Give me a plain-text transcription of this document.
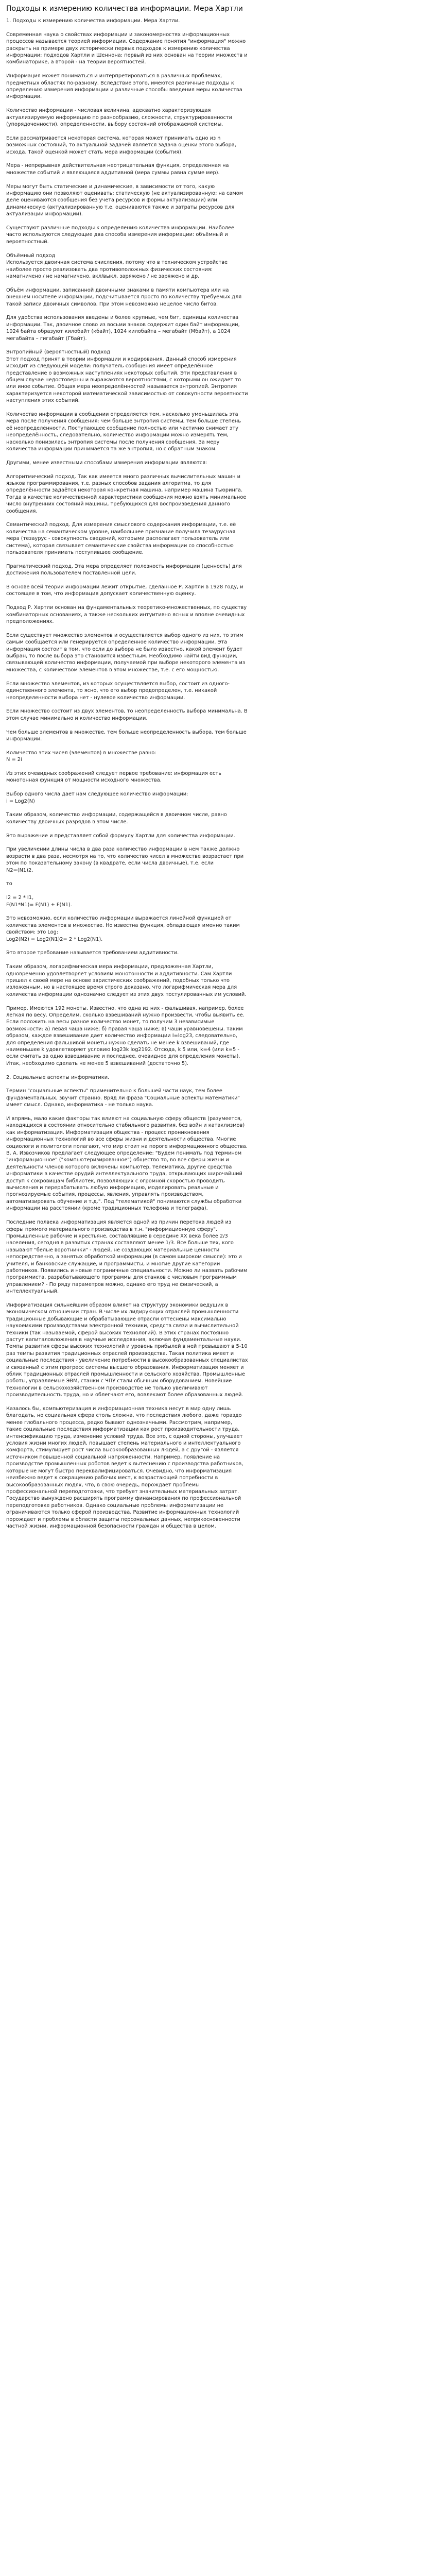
Подходы к измерению количества информации. Мера Хартли

1. Подходы к измерению количества информации. Мера Хартли.

Современная наука о свойствах информации и закономерностях информационных процессов называется теорией информации. Содержание понятия "информация" можно раскрыть на примере двух исторически первых подходов к измерению количества информации: подходов Хартли и Шеннона: первый из них основан на теории множеств и комбинаторике, а второй - на теории вероятностей.

Информация может пониматься и интерпретироваться в различных проблемах, предметных областях по-разному. Вследствие этого, имеются различные подходы к определению измерения информации и различные способы введения меры количества информации.

Количество информации - числовая величина, адекватно характеризующая актуализируемую информацию по разнообразию, сложности, структурированности (упорядоченности), определенности, выбору состояний отображаемой системы.

Если рассматривается некоторая система, которая может принимать одно из n возможных состояний, то актуальной задачей является задача оценки этого выбора, исхода. Такой оценкой может стать мера информации (события).

Мера - непрерывная действительная неотрицательная функция, определенная на множестве событий и являющаяся аддитивной (мера суммы равна сумме мер).

Меры могут быть статические и динамические, в зависимости от того, какую информацию они позволяют оценивать: статическую (не актуализированную; на самом деле оцениваются сообщения без учета ресурсов и формы актуализации) или динамическую (актуализированную т.е. оцениваются также и затраты ресурсов для актуализации информации).

Существуют различные подходы к определению количества информации. Наиболее часто используются следующие два способа измерения информации: объёмный и вероятностный.

Объёмный подход

Используется двоичная система счисления, потому что в техническом устройстве наиболее просто реализовать два противоположных физических состояния: намагничено / не намагничено, вкл/выкл, заряжено / не заряжено и др.

Объём информации, записанной двоичными знаками в памяти компьютера или на внешнем носителе информации, подсчитывается просто по количеству требуемых для такой записи двоичных символов. При этом невозможно нецелое число битов.

Для удобства использования введены и более крупные, чем бит, единицы количества информации. Так, двоичное слово из восьми знаков содержит один байт информации, 1024 байта образуют килобайт (кбайт), 1024 килобайта – мегабайт (Мбайт), а 1024 мегабайта – гигабайт (Гбайт).

Энтропийный (вероятностный) подход

Этот подход принят в теории информации и кодирования. Данный способ измерения исходит из следующей модели: получатель сообщения имеет определённое представление о возможных наступлениях некоторых событий. Эти представления в общем случае недостоверны и выражаются вероятностями, с которыми он ожидает то или иное событие. Общая мера неопределённостей называется энтропией. Энтропия характеризуется некоторой математической зависимостью от совокупности вероятности наступления этих событий.

Количество информации в сообщении определяется тем, насколько уменьшилась эта мера после получения сообщения: чем больше энтропия системы, тем больше степень её неопределённости. Поступающее сообщение полностью или частично снимает эту неопределённость, следовательно, количество информации можно измерять тем, насколько понизилась энтропия системы после получения сообщения. За меру количества информации принимается та же энтропия, но с обратным знаком.

Другими, менее известными способами измерения информации являются:

Алгоритмический подход. Так как имеется много различных вычислительных машин и языков программирования, т.е. разных способов задания алгоритма, то для определённости задаётся некоторая конкретная машина, например машина Тьюринга. Тогда в качестве количественной характеристики сообщения можно взять минимальное число внутренних состояний машины, требующихся для воспроизведения данного сообщения.

Семантический подход. Для измерения смыслового содержания информации, т.е. её количества на семантическом уровне, наибольшее признание получила тезаурусная мера (тезаурус - совокупность сведений, которыми располагает пользователь или система), которая связывает семантические свойства информации со способностью пользователя принимать поступившее сообщение.

Прагматический подход. Эта мера определяет полезность информации (ценность) для достижения пользователем поставленной цели.

В основе всей теории информации лежит открытие, сделанное Р. Хартли в 1928 году, и состоящее в том, что информация допускает количественную оценку.

Подход Р. Хартли основан на фундаментальных теоретико-множественных, по существу комбинаторных основаниях, а также нескольких интуитивно ясных и вполне очевидных предположениях.

Если существует множество элементов и осуществляется выбор одного из них, то этим самым сообщается или генерируется определенное количество информации. Эта информация состоит в том, что если до выбора не было известно, какой элемент будет выбран, то после выбора это становится известным. Необходимо найти вид функции, связывающей количество информации, получаемой при выборе некоторого элемента из множества, с количеством элементов в этом множестве, т.е. с его мощностью.

Если множество элементов, из которых осуществляется выбор, состоит из одного-единственного элемента, то ясно, что его выбор предопределен, т.е. никакой неопределенности выбора нет - нулевое количество информации.

Если множество состоит из двух элементов, то неопределенность выбора минимальна. В этом случае минимально и количество информации.

Чем больше элементов в множестве, тем больше неопределенность выбора, тем больше информации.

Количество этих чисел (элементов) в множестве равно:

N = 2i

Из этих очевидных соображений следует первое требование: информация есть монотонная функция от мощности исходного множества.

Выбор одного числа дает нам следующее количество информации:

i = Log2(N)

Таким образом, количество информации, содержащейся в двоичном числе, равно количеству двоичных разрядов в этом числе.

Это выражение и представляет собой формулу Хартли для количества информации.

При увеличении длины числа в два раза количество информации в нем также должно возрасти в два раза, несмотря на то, что количество чисел в множестве возрастает при этом по показательному закону (в квадрате, если числа двоичные), т.е. если

N2=(N1)2,

то

I2 = 2 * I1,

F(N1*N1)= F(N1) + F(N1).

Это невозможно, если количество информации выражается линейной функцией от количества элементов в множестве. Но известна функция, обладающая именно таким свойством: это Log:

Log2(N2) = Log2(N1)2= 2 * Log2(N1).

Это второе требование называется требованием аддитивности.

Таким образом, логарифмическая мера информации, предложенная Хартли, одновременно удовлетворяет условиям монотонности и аддитивности. Сам Хартли пришел к своей мере на основе эвристических соображений, подобных только что изложенным, но в настоящее время строго доказано, что логарифмическая мера для количества информации однозначно следует из этих двух постулированных им условий.

Пример. Имеются 192 монеты. Известно, что одна из них - фальшивая, например, более легкая по весу. Определим, сколько взвешиваний нужно произвести, чтобы выявить ее. Если положить на весы разное количество монет, то получим 3 независимые возможности: а) левая чаша ниже; б) правая чаша ниже; в) чаши уравновешены. Таким образом, каждое взвешивание дает количество информации I=log23, следовательно, для определения фальшивой монеты нужно сделать не менее k взвешиваний, где наименьшее k удовлетворяет условию log23k log2192. Отсюда, k 5 или, k=4 (или k=5 - если считать за одно взвешивание и последнее, очевидное для определения монеты). Итак, необходимо сделать не менее 5 взвешиваний (достаточно 5).

2. Социальные аспекты информатики.

Термин "социальные аспекты" применительно к большей части наук, тем более фундаментальных, звучит странно. Вряд ли фраза "Социальные аспекты математики" имеет смысл. Однако, информатика - не только наука.

И впрямь, мало какие факторы так влияют на социальную сферу обществ (разумеется, находящихся в состоянии относительно стабильного развития, без войн и катаклизмов) как информатизация. Информатизация общества - процесс проникновения информационных технологий во все сферы жизни и деятельности общества. Многие социологи и политологи полагают, что мир стоит на пороге информационного общества. В. А. Извозчиков предлагает следующее определение: "Будем понимать под термином "информационное" ("компьютеризированное") общество то, во все сферы жизни и деятельности членов которого включены компьютер, телематика, другие средства информатики в качестве орудий интеллектуального труда, открывающих широчайший доступ к сокровищам библиотек, позволяющих с огромной скоростью проводить вычисления и перерабатывать любую информацию, моделировать реальные и прогнозируемые события, процессы, явления, управлять производством, автоматизировать обучение и т.д.". Под "телематикой" понимаются службы обработки информации на расстоянии (кроме традиционных телефона и телеграфа).

Последние полвека информатизация является одной из причин перетока людей из сферы прямого материального производства в т.н. "информационную сферу". Промышленные рабочие и крестьяне, составлявшие в середине XX века более 2/3 населения, сегодня в развитых странах составляют менее 1/3. Все больше тех, кого называют "белые воротнички" - людей, не создающих материальные ценности непосредственно, а занятых обработкой информации (в самом широком смысле): это и учителя, и банковские служащие, и программисты, и многие другие категории работников. Появились и новые пограничные специальности. Можно ли назвать рабочим программиста, разрабатывающего программы для станков с числовым программным управлением? - По ряду параметров можно, однако его труд не физический, а интеллектуальный.

Информатизация сильнейшим образом влияет на структуру экономики ведущих в экономическом отношении стран. В числе их лидирующих отраслей промышленности традиционные добывающие и обрабатывающие отрасли оттеснены максимально наукоемкими производствами электронной техники, средств связи и вычислительной техники (так называемой, сферой высоких технологий). В этих странах постоянно растут капиталовложения в научные исследования, включая фундаментальные науки. Темпы развития сферы высоких технологий и уровень прибылей в ней превышают в 5-10 раз темпы развития традиционных отраслей производства. Такая политика имеет и социальные последствия - увеличение потребности в высокообразованных специалистах и связанный с этим прогресс системы высшего образования. Информатизация меняет и облик традиционных отраслей промышленности и сельского хозяйства. Промышленные роботы, управляемые ЭВМ, станки с ЧПУ стали обычным оборудованием. Новейшие технологии в сельскохозяйственном производстве не только увеличивают производительность труда, но и облегчают его, вовлекают более образованных людей.

Казалось бы, компьютеризация и информационная техника несут в мир одну лишь благодать, но социальная сфера столь сложна, что последствия любого, даже гораздо менее глобального процесса, редко бывают однозначными. Рассмотрим, например, такие социальные последствия информатизации как рост производительности труда, интенсификацию труда, изменение условий труда. Все это, с одной стороны, улучшает условия жизни многих людей, повышает степень материального и интеллектуального комфорта, стимулирует рост числа высокообразованных людей, а с другой - является источником повышенной социальной напряженности. Например, появление на производстве промышленных роботов ведет к вытеснению с производства работников, которые не могут быстро переквалифицироваться. Очевидно, что информатизация неизбежно ведет к сокращению рабочих мест, к возрастающей потребности в высокообразованных людях, что, в свою очередь, порождает проблемы профессиональной переподготовки, что требует значительных материальных затрат. Государство вынуждено расширять программу финансирования по профессиональной переподготовке работников. Однако социальные проблемы информатизации не ограничиваются только сферой производства. Развитие информационных технологий порождает и проблемы в области защиты персональных данных, неприкосновенности частной жизни, информационной безопасности граждан и общества в целом.
